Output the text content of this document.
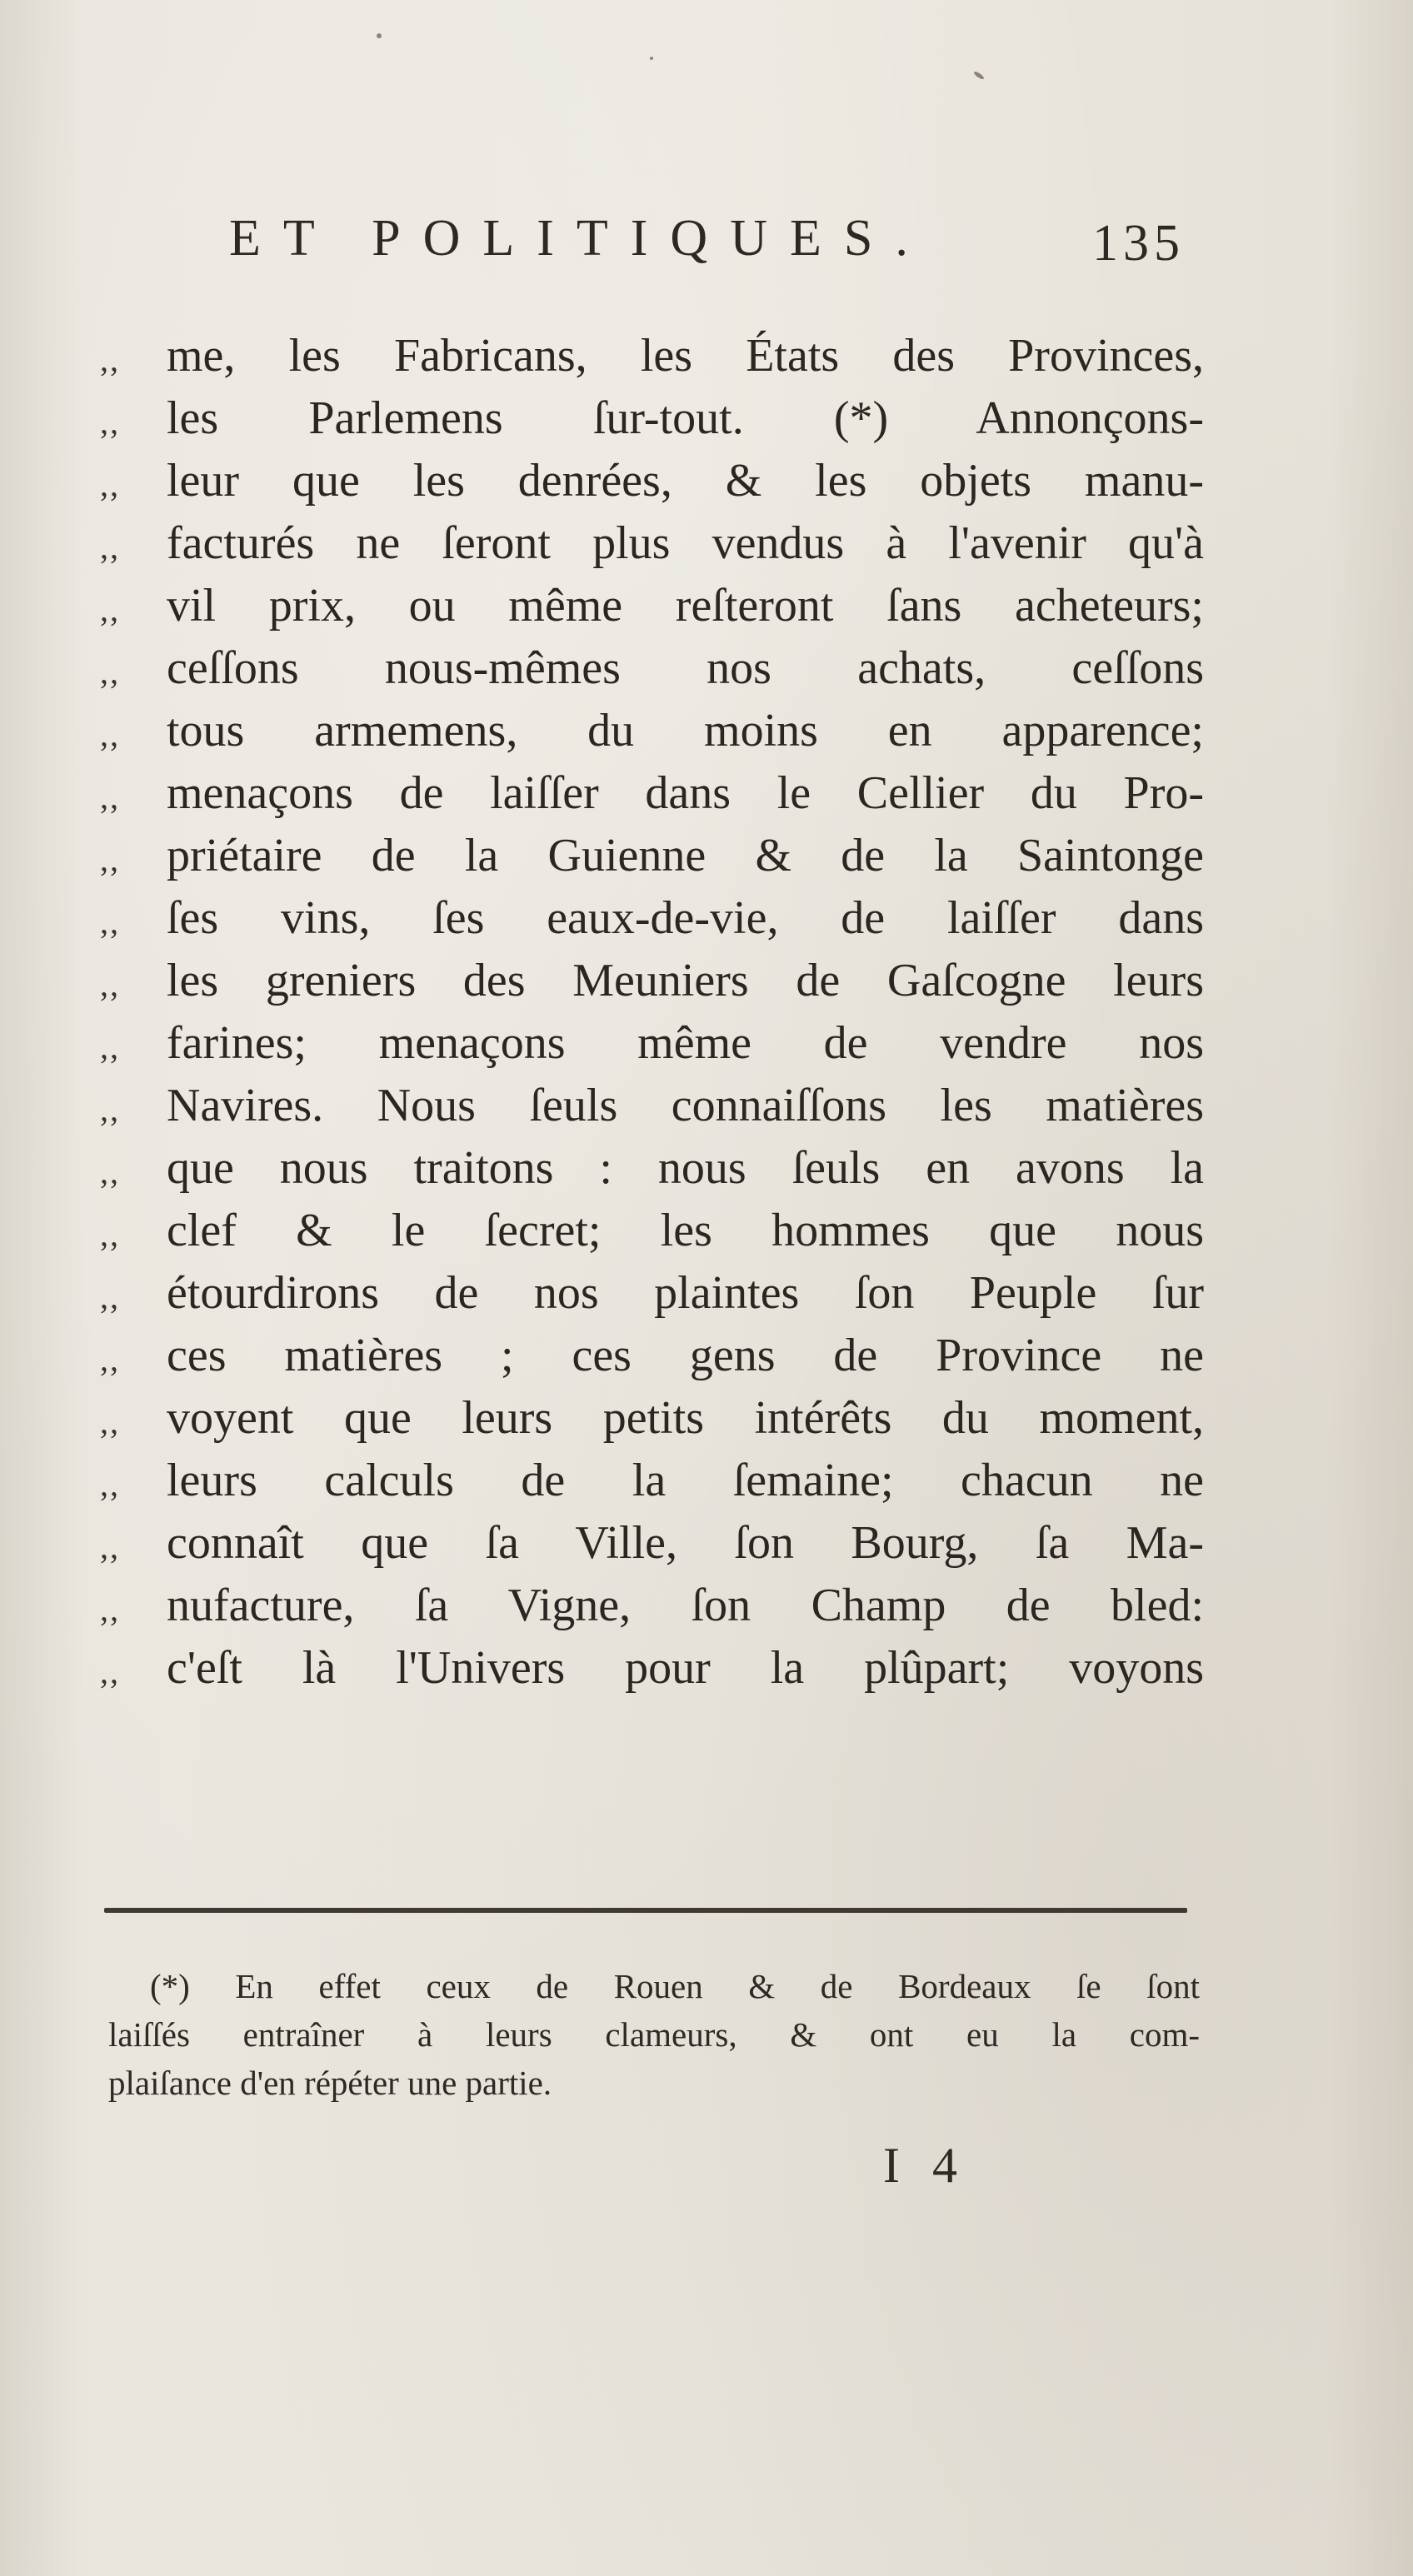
ET POLITIQUES.	135
,,	me, les Fabricans, les États des Provinces,
,,	les Parlemens ſur-tout. (*) Annonçons-
,,	leur que les denrées, & les objets manu-
,,	facturés ne ſeront plus vendus à l'avenir qu'à
,,	vil prix, ou même reſteront ſans acheteurs;
,,	ceſſons nous-mêmes nos achats, ceſſons
,,	tous armemens, du moins en apparence;
,,	menaçons de laiſſer dans le Cellier du Pro-
,,	priétaire de la Guienne & de la Saintonge
,,	ſes vins, ſes eaux-de-vie, de laiſſer dans
,,	les greniers des Meuniers de Gaſcogne leurs
,,	farines; menaçons même de vendre nos
,,	Navires. Nous ſeuls connaiſſons les matières
,,	que nous traitons : nous ſeuls en avons la
,,	clef & le ſecret; les hommes que nous
,,	étourdirons de nos plaintes ſon Peuple ſur
,,	ces matières ; ces gens de Province ne
,,	voyent que leurs petits intérêts du moment,
,,	leurs calculs de la ſemaine; chacun ne
,,	connaît que ſa Ville, ſon Bourg, ſa Ma-
,,	nufacture, ſa Vigne, ſon Champ de bled:
,,	c'eſt là l'Univers pour la plûpart; voyons
(*) En effet ceux de Rouen & de Bordeaux ſe ſont
laiſſés entraîner à leurs clameurs, & ont eu la com-
plaiſance d'en répéter une partie.
I 4
